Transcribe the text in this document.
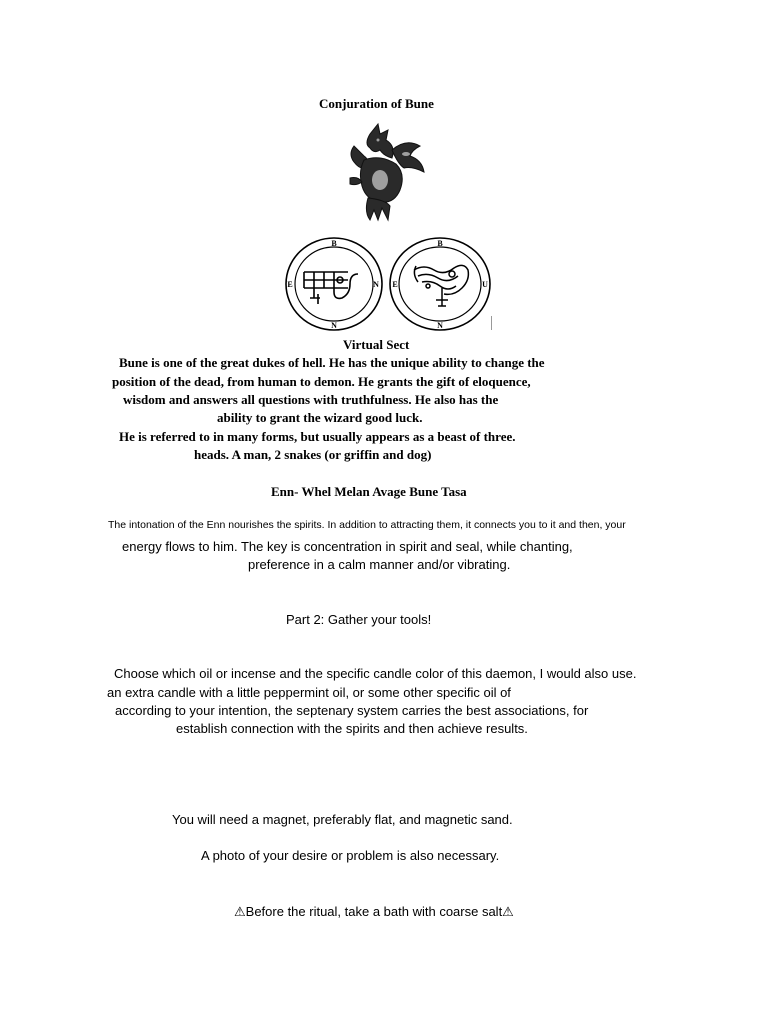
Conjuration of Bune
B
E	N
N
B
E	U
N
Virtual Sect
Bune is one of the great dukes of hell. He has the unique ability to change the
position of the dead, from human to demon. He grants the gift of eloquence,
wisdom and answers all questions with truthfulness. He also has the
ability to grant the wizard good luck.
He is referred to in many forms, but usually appears as a beast of three.
heads. A man, 2 snakes (or griffin and dog)
Enn- Whel Melan Avage Bune Tasa
The intonation of the Enn nourishes the spirits. In addition to attracting them, it connects you to it and then, your
energy flows to him. The key is concentration in spirit and seal, while chanting,
preference in a calm manner and/or vibrating.
Part 2: Gather your tools!
Choose which oil or incense and the specific candle color of this daemon, I would also use.
an extra candle with a little peppermint oil, or some other specific oil of
according to your intention, the septenary system carries the best associations, for
establish connection with the spirits and then achieve results.
You will need a magnet, preferably flat, and magnetic sand.
A photo of your desire or problem is also necessary.
⚠Before the ritual, take a bath with coarse salt⚠
